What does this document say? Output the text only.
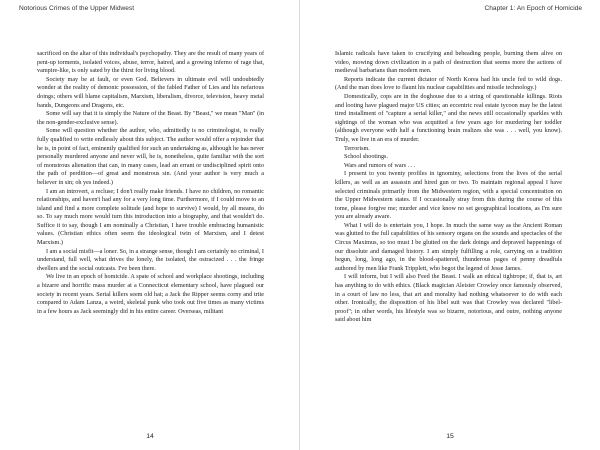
Notorious Crimes of the Upper Midwest

sacrificed on the altar of this individual's psychopathy. They are the result of many years of pent-up torments, isolated voices, abuse, terror, hatred, and a growing inferno of rage that, vampire-like, is only sated by the thirst for living blood.

Society may be at fault, or even God. Believers in ultimate evil will undoubtedly wonder at the reality of demonic possession, of the fabled Father of Lies and his nefarious doings; others will blame capitalism, Marxism, liberalism, divorce, television, heavy metal bands, Dungeons and Dragons, etc.

Some will say that it is simply the Nature of the Beast. By "Beast," we mean "Man" (in the non-gender-exclusive sense).

Some will question whether the author, who, admittedly is no criminologist, is really fully qualified to write endlessly about this subject. The author would offer a rejoinder that he is, in point of fact, eminently qualified for such an undertaking as, although he has never personally murdered anyone and never will, he is, nonetheless, quite familiar with the sort of monstrous alienation that can, in many cases, lead an errant or undisciplined spirit onto the path of perdition—of great and monstrous sin. (And your author is very much a believer in sin; oh yes indeed.)

I am an introvert, a recluse; I don't really make friends. I have no children, no romantic relationships, and haven't had any for a very long time. Furthermore, if I could move to an island and find a more complete solitude (and hope to survive) I would, by all means, do so. To say much more would turn this introduction into a biography, and that wouldn't do. Suffice it to say, though I am nominally a Christian, I have trouble embracing humanistic values. (Christian ethics often seem the ideological twin of Marxism, and I detest Marxism.)

I am a social misfit—a loner. So, in a strange sense, though I am certainly no criminal, I understand, full well, what drives the lonely, the isolated, the ostracized . . . the fringe dwellers and the social outcasts. I've been there.

We live in an epoch of homicide. A spate of school and workplace shootings, including a bizarre and horrific mass murder at a Connecticut elementary school, have plagued our society in recent years. Serial killers seem old hat; a Jack the Ripper seems corny and trite compared to Adam Lanza, a weird, skeletal punk who took out five times as many victims in a few hours as Jack seemingly did in his entire career. Overseas, militant

14
Chapter 1: An Epoch of Homicide

Islamic radicals have taken to crucifying and beheading people, burning them alive on video, mowing down civilization in a path of destruction that seems more the actions of medieval barbarians than modern men.

Reports indicate the current dictator of North Korea had his uncle fed to wild dogs. (And the man does love to flaunt his nuclear capabilities and missile technology.)

Domestically, cops are in the doghouse due to a string of questionable killings. Riots and looting have plagued major US cities; an eccentric real estate tycoon may be the latest tired installment of "capture a serial killer," and the news still occasionally sparkles with sightings of the woman who was acquitted a few years ago for murdering her toddler (although everyone with half a functioning brain realizes she was . . . well, you know). Truly, we live in an era of murder.

Terrorism.

School shootings.

Wars and rumors of wars . . .

I present to you twenty profiles in ignominy, selections from the lives of the serial killers, as well as an assassin and hired gun or two. To maintain regional appeal I have selected criminals primarily from the Midwestern region, with a special concentration on the Upper Midwestern states. If I occasionally stray from this during the course of this tome, please forgive me; murder and vice know no set geographical locations, as I'm sure you are already aware.

What I will do is entertain you, I hope. In much the same way as the Ancient Roman was glutted to the full capabilities of his sensory organs on the sounds and spectacles of the Circus Maximus, so too must I be glutted on the dark doings and depraved happenings of our dissolute and damaged history. I am simply fulfilling a role, carrying on a tradition begun, long, long ago, in the blood-spattered, thunderous pages of penny dreadfuls authored by men like Frank Tripplett, who begot the legend of Jesse James.

I will inform, but I will also Feed the Beast. I walk an ethical tightrope; if, that is, art has anything to do with ethics. (Black magician Aleister Crowley once famously observed, in a court of law no less, that art and morality had nothing whatsoever to do with each other. Ironically, the disposition of his libel suit was that Crowley was declared "libel-proof"; in other words, his lifestyle was so bizarre, notorious, and outre, nothing anyone said about him

15
